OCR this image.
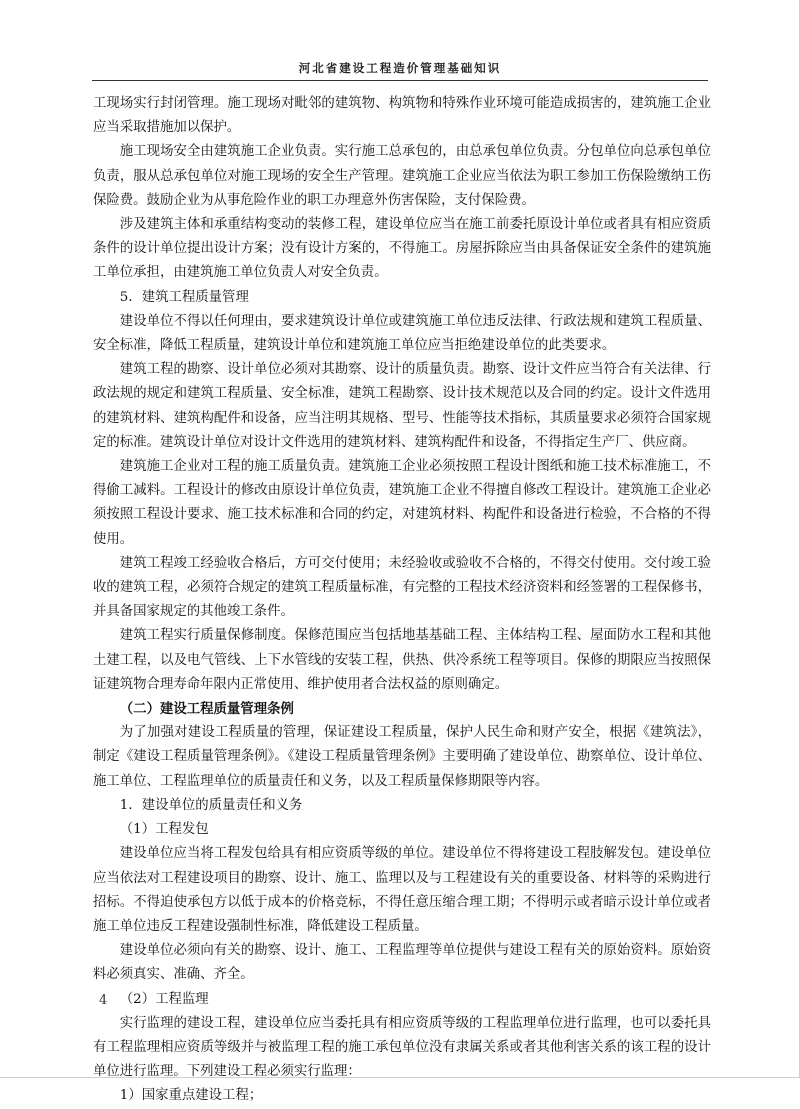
河北省建设工程造价管理基础知识

工现场实行封闭管理。施工现场对毗邻的建筑物、构筑物和特殊作业环境可能造成损害的，建筑施工企业应当采取措施加以保护。

施工现场安全由建筑施工企业负责。实行施工总承包的，由总承包单位负责。分包单位向总承包单位负责，服从总承包单位对施工现场的安全生产管理。建筑施工企业应当依法为职工参加工伤保险缴纳工伤保险费。鼓励企业为从事危险作业的职工办理意外伤害保险，支付保险费。

涉及建筑主体和承重结构变动的装修工程，建设单位应当在施工前委托原设计单位或者具有相应资质条件的设计单位提出设计方案；没有设计方案的，不得施工。房屋拆除应当由具备保证安全条件的建筑施工单位承担，由建筑施工单位负责人对安全负责。

5．建筑工程质量管理

建设单位不得以任何理由，要求建筑设计单位或建筑施工单位违反法律、行政法规和建筑工程质量、安全标准，降低工程质量，建筑设计单位和建筑施工单位应当拒绝建设单位的此类要求。

建筑工程的勘察、设计单位必须对其勘察、设计的质量负责。勘察、设计文件应当符合有关法律、行政法规的规定和建筑工程质量、安全标准，建筑工程勘察、设计技术规范以及合同的约定。设计文件选用的建筑材料、建筑构配件和设备，应当注明其规格、型号、性能等技术指标，其质量要求必须符合国家规定的标准。建筑设计单位对设计文件选用的建筑材料、建筑构配件和设备，不得指定生产厂、供应商。

建筑施工企业对工程的施工质量负责。建筑施工企业必须按照工程设计图纸和施工技术标准施工，不得偷工减料。工程设计的修改由原设计单位负责，建筑施工企业不得擅自修改工程设计。建筑施工企业必须按照工程设计要求、施工技术标准和合同的约定，对建筑材料、构配件和设备进行检验，不合格的不得使用。

建筑工程竣工经验收合格后，方可交付使用；未经验收或验收不合格的，不得交付使用。交付竣工验收的建筑工程，必须符合规定的建筑工程质量标准，有完整的工程技术经济资料和经签署的工程保修书，并具备国家规定的其他竣工条件。

建筑工程实行质量保修制度。保修范围应当包括地基基础工程、主体结构工程、屋面防水工程和其他土建工程，以及电气管线、上下水管线的安装工程，供热、供冷系统工程等项目。保修的期限应当按照保证建筑物合理寿命年限内正常使用、维护使用者合法权益的原则确定。

（二）建设工程质量管理条例

为了加强对建设工程质量的管理，保证建设工程质量，保护人民生命和财产安全，根据《建筑法》，制定《建设工程质量管理条例》。《建设工程质量管理条例》主要明确了建设单位、勘察单位、设计单位、施工单位、工程监理单位的质量责任和义务，以及工程质量保修期限等内容。

1．建设单位的质量责任和义务

（1）工程发包

建设单位应当将工程发包给具有相应资质等级的单位。建设单位不得将建设工程肢解发包。建设单位应当依法对工程建设项目的勘察、设计、施工、监理以及与工程建设有关的重要设备、材料等的采购进行招标。不得迫使承包方以低于成本的价格竞标，不得任意压缩合理工期；不得明示或者暗示设计单位或者施工单位违反工程建设强制性标准，降低建设工程质量。

建设单位必须向有关的勘察、设计、施工、工程监理等单位提供与建设工程有关的原始资料。原始资料必须真实、准确、齐全。

（2）工程监理

实行监理的建设工程，建设单位应当委托具有相应资质等级的工程监理单位进行监理，也可以委托具有工程监理相应资质等级并与被监理工程的施工承包单位没有隶属关系或者其他利害关系的该工程的设计单位进行监理。下列建设工程必须实行监理：

1）国家重点建设工程；

4
